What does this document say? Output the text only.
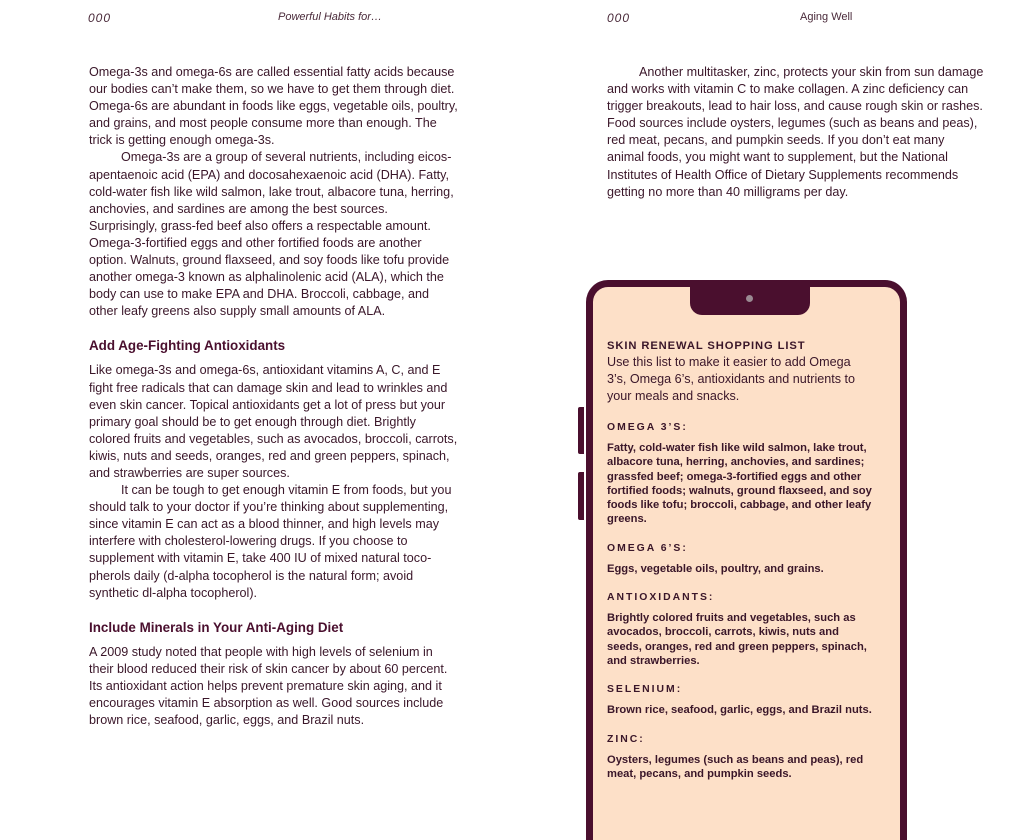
000	Powerful Habits for…	000	Aging Well

Omega-3s and omega-6s are called essential fatty acids because our bodies can’t make them, so we have to get them through diet. Omega-6s are abundant in foods like eggs, vegetable oils, poultry, and grains, and most people consume more than enough. The trick is getting enough omega-3s.

Omega-3s are a group of several nutrients, including eicosapentaenoic acid (EPA) and docosahexaenoic acid (DHA). Fatty, cold-water fish like wild salmon, lake trout, albacore tuna, herring, anchovies, and sardines are among the best sources. Surprisingly, grass-fed beef also offers a respectable amount. Omega-3-fortified eggs and other fortified foods are another option. Walnuts, ground flaxseed, and soy foods like tofu provide another omega-3 known as alphalinolenic acid (ALA), which the body can use to make EPA and DHA. Broccoli, cabbage, and other leafy greens also supply small amounts of ALA.

Add Age-Fighting Antioxidants

Like omega-3s and omega-6s, antioxidant vitamins A, C, and E fight free radicals that can damage skin and lead to wrinkles and even skin cancer. Topical antioxidants get a lot of press but your primary goal should be to get enough through diet. Brightly colored fruits and vegetables, such as avocados, broccoli, carrots, kiwis, nuts and seeds, oranges, red and green peppers, spinach, and strawberries are super sources.

It can be tough to get enough vitamin E from foods, but you should talk to your doctor if you’re thinking about supplementing, since vitamin E can act as a blood thinner, and high levels may interfere with cholesterol-lowering drugs. If you choose to supplement with vitamin E, take 400 IU of mixed natural tocopherols daily (d-alpha tocopherol is the natural form; avoid synthetic dl-alpha tocopherol).

Include Minerals in Your Anti-Aging Diet

A 2009 study noted that people with high levels of selenium in their blood reduced their risk of skin cancer by about 60 percent. Its antioxidant action helps prevent premature skin aging, and it encourages vitamin E absorption as well. Good sources include brown rice, seafood, garlic, eggs, and Brazil nuts.

Another multitasker, zinc, protects your skin from sun damage and works with vitamin C to make collagen. A zinc deficiency can trigger breakouts, lead to hair loss, and cause rough skin or rashes. Food sources include oysters, legumes (such as beans and peas), red meat, pecans, and pumpkin seeds. If you don’t eat many animal foods, you might want to supplement, but the National Institutes of Health Office of Dietary Supplements recommends getting no more than 40 milligrams per day.

SKIN RENEWAL SHOPPING LIST

Use this list to make it easier to add Omega 3’s, Omega 6’s, antioxidants and nutrients to your meals and snacks.

OMEGA 3’S:
Fatty, cold-water fish like wild salmon, lake trout, albacore tuna, herring, anchovies, and sardines; grassfed beef; omega-3-fortified eggs and other fortified foods; walnuts, ground flaxseed, and soy foods like tofu; broccoli, cabbage, and other leafy greens.
OMEGA 6’S:
Eggs, vegetable oils, poultry, and grains.
ANTIOXIDANTS:
Brightly colored fruits and vegetables, such as avocados, broccoli, carrots, kiwis, nuts and seeds, oranges, red and green peppers, spinach, and strawberries.
SELENIUM:
Brown rice, seafood, garlic, eggs, and Brazil nuts.
ZINC:
Oysters, legumes (such as beans and peas), red meat, pecans, and pumpkin seeds.
